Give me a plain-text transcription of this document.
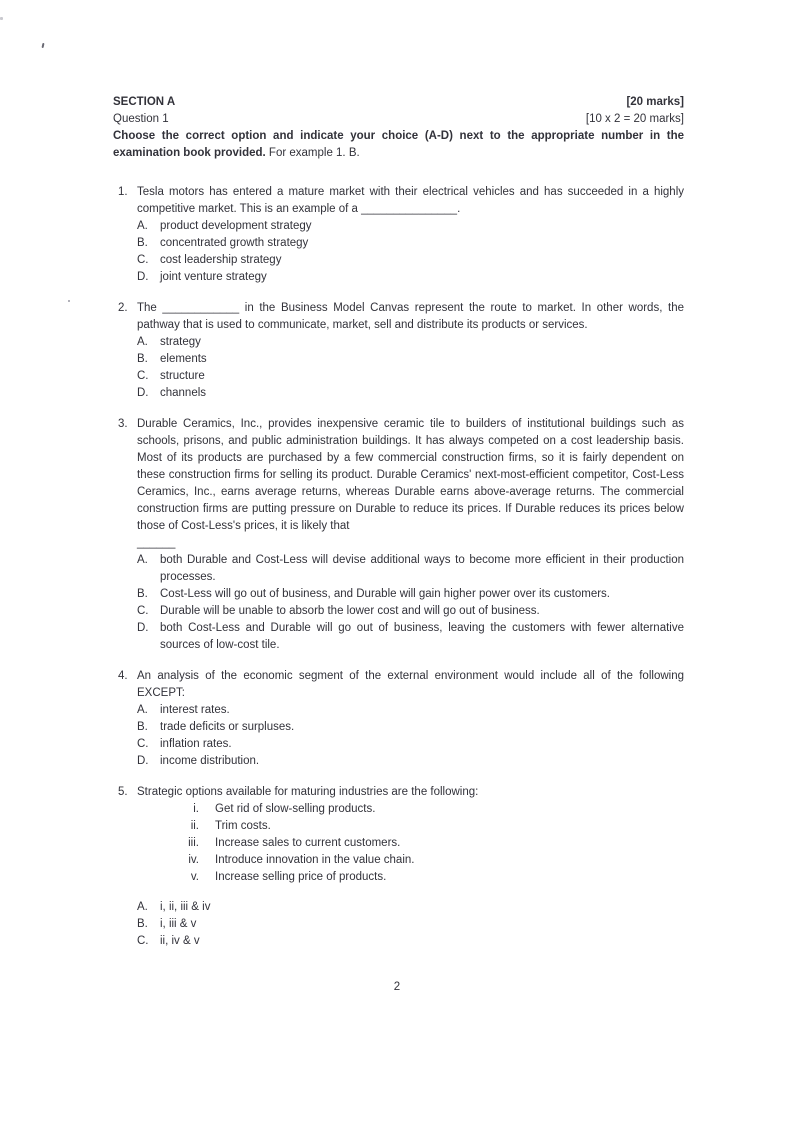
SECTION A	[20 marks]
Question 1	[10 x 2 = 20 marks]
Choose the correct option and indicate your choice (A-D) next to the appropriate number in the examination book provided. For example 1. B.
1. Tesla motors has entered a mature market with their electrical vehicles and has succeeded in a highly competitive market. This is an example of a _______________.
A.	product development strategy
B.	concentrated growth strategy
C.	cost leadership strategy
D.	joint venture strategy
2. The ____________ in the Business Model Canvas represent the route to market. In other words, the pathway that is used to communicate, market, sell and distribute its products or services.
A.	strategy
B.	elements
C.	structure
D.	channels
3. Durable Ceramics, Inc., provides inexpensive ceramic tile to builders of institutional buildings such as schools, prisons, and public administration buildings. It has always competed on a cost leadership basis. Most of its products are purchased by a few commercial construction firms, so it is fairly dependent on these construction firms for selling its product. Durable Ceramics' next-most-efficient competitor, Cost-Less Ceramics, Inc., earns average returns, whereas Durable earns above-average returns. The commercial construction firms are putting pressure on Durable to reduce its prices. If Durable reduces its prices below those of Cost-Less's prices, it is likely that
______
A.	both Durable and Cost-Less will devise additional ways to become more efficient in their production processes.
B.	Cost-Less will go out of business, and Durable will gain higher power over its customers.
C.	Durable will be unable to absorb the lower cost and will go out of business.
D.	both Cost-Less and Durable will go out of business, leaving the customers with fewer alternative sources of low-cost tile.
4. An analysis of the economic segment of the external environment would include all of the following EXCEPT:
A.	interest rates.
B.	trade deficits or surpluses.
C.	inflation rates.
D.	income distribution.
5. Strategic options available for maturing industries are the following:
i. Get rid of slow-selling products.
ii. Trim costs.
iii. Increase sales to current customers.
iv. Introduce innovation in the value chain.
v. Increase selling price of products.
A.	i, ii, iii & iv
B.	i, iii & v
C.	ii, iv & v
2
